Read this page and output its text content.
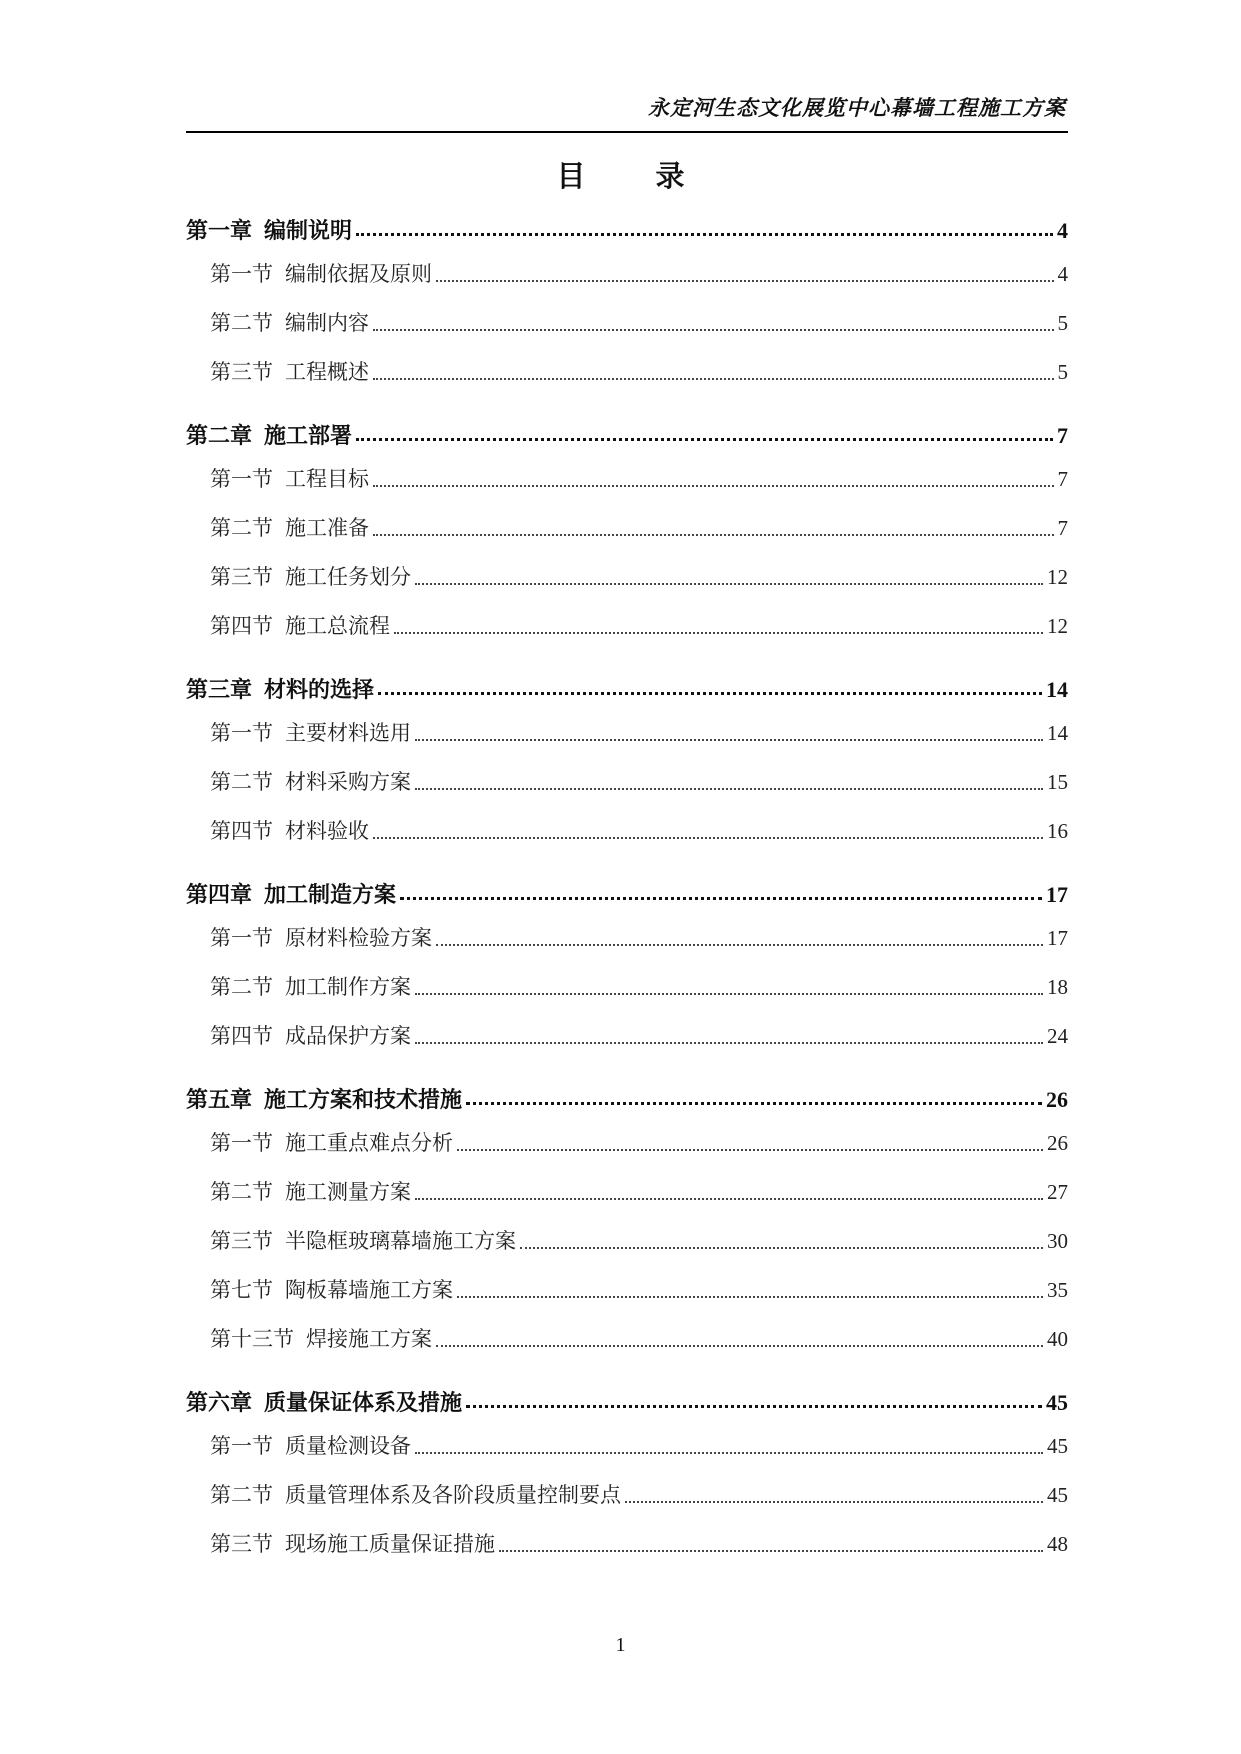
永定河生态文化展览中心幕墙工程施工方案
目 录
第一章 编制说明	4
第一节 编制依据及原则	4
第二节 编制内容	5
第三节 工程概述	5
第二章 施工部署	7
第一节 工程目标	7
第二节 施工准备	7
第三节 施工任务划分	12
第四节 施工总流程	12
第三章 材料的选择	14
第一节 主要材料选用	14
第二节 材料采购方案	15
第四节 材料验收	16
第四章 加工制造方案	17
第一节 原材料检验方案	17
第二节 加工制作方案	18
第四节 成品保护方案	24
第五章 施工方案和技术措施	26
第一节 施工重点难点分析	26
第二节 施工测量方案	27
第三节 半隐框玻璃幕墙施工方案	30
第七节 陶板幕墙施工方案	35
第十三节 焊接施工方案	40
第六章 质量保证体系及措施	45
第一节 质量检测设备	45
第二节 质量管理体系及各阶段质量控制要点	45
第三节 现场施工质量保证措施	48
1
